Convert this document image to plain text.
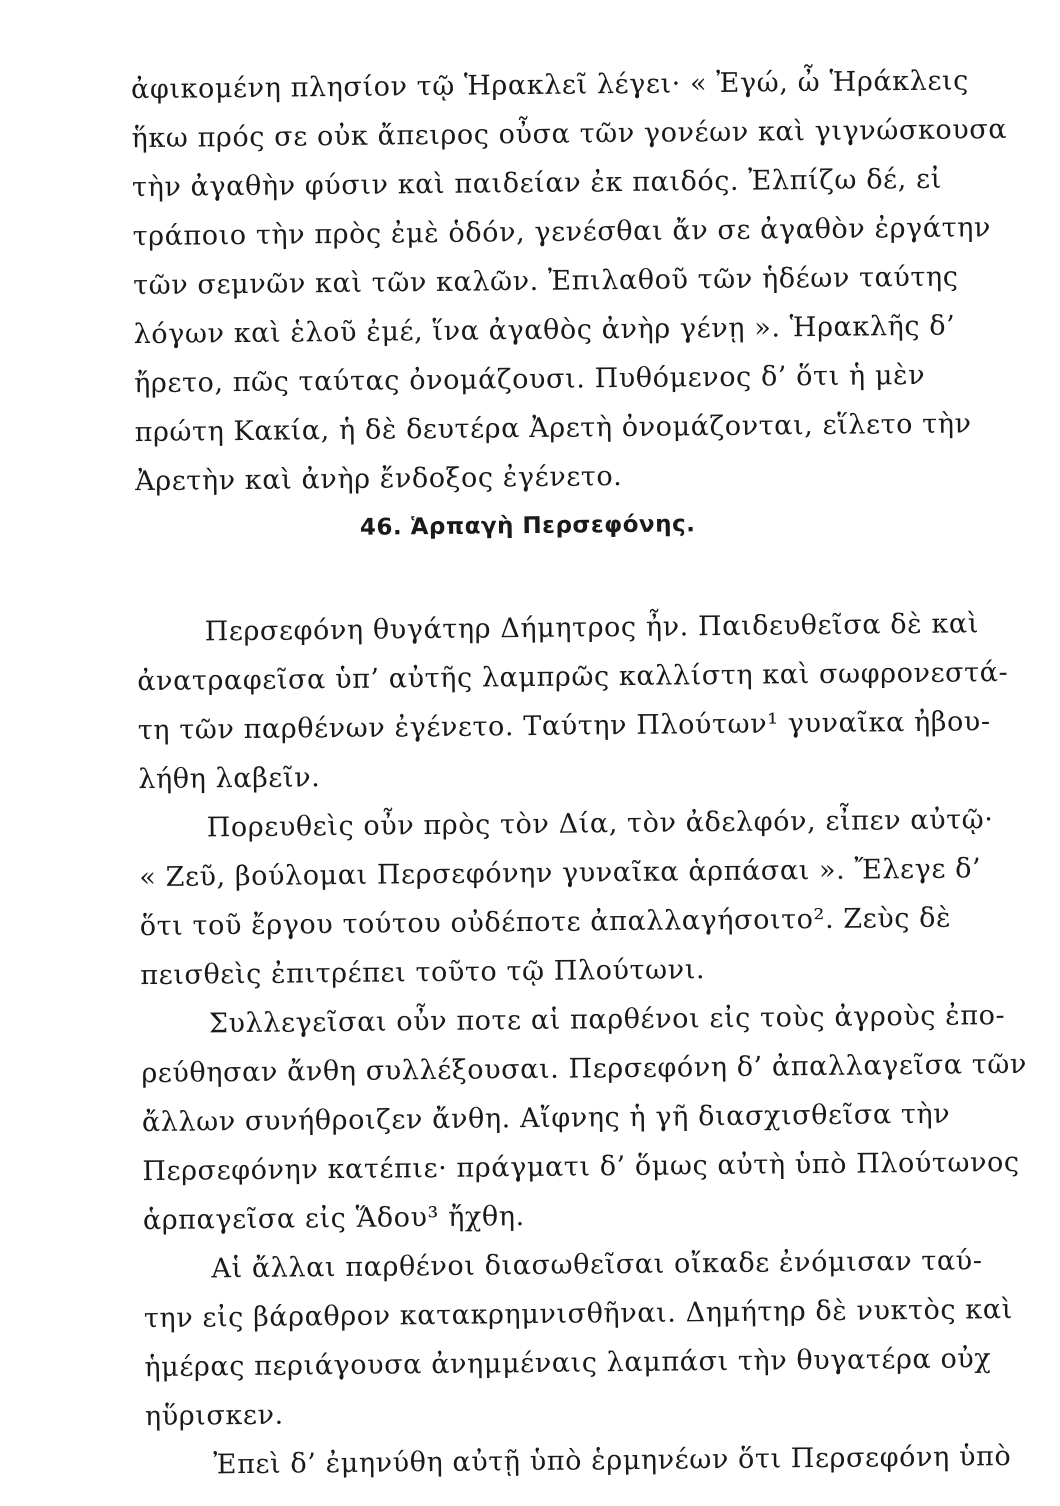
ἀφικομένη πλησίον τῷ Ἡρακλεῖ λέγει· « Ἐγώ, ὦ Ἡράκλεις
ἥκω πρός σε οὐκ ἄπειρος οὖσα τῶν γονέων καὶ γιγνώσκουσα
τὴν ἀγαθὴν φύσιν καὶ παιδείαν ἐκ παιδός. Ἐλπίζω δέ, εἰ
τράποιο τὴν πρὸς ἐμὲ ὁδόν, γενέσθαι ἄν σε ἀγαθὸν ἐργάτην
τῶν σεμνῶν καὶ τῶν καλῶν. Ἐπιλαθοῦ τῶν ἡδέων ταύτης
λόγων καὶ ἑλοῦ ἐμέ, ἵνα ἀγαθὸς ἀνὴρ γένῃ ». Ἡρακλῆς δ’
ἤρετο, πῶς ταύτας ὀνομάζουσι. Πυθόμενος δ’ ὅτι ἡ μὲν
πρώτη Κακία, ἡ δὲ δευτέρα Ἀρετὴ ὀνομάζονται, εἵλετο τὴν
Ἀρετὴν καὶ ἀνὴρ ἔνδοξος ἐγένετο.
46. Ἁρπαγὴ Περσεφόνης.
Περσεφόνη θυγάτηρ Δήμητρος ἦν. Παιδευθεῖσα δὲ καὶ
ἀνατραφεῖσα ὑπ’ αὐτῆς λαμπρῶς καλλίστη καὶ σωφρονεστά-
τη τῶν παρθένων ἐγένετο. Ταύτην Πλούτων¹ γυναῖκα ἠβου-
λήθη λαβεῖν.
Πορευθεὶς οὖν πρὸς τὸν Δία, τὸν ἀδελφόν, εἶπεν αὐτῷ·
« Ζεῦ, βούλομαι Περσεφόνην γυναῖκα ἁρπάσαι ». Ἔλεγε δ’
ὅτι τοῦ ἔργου τούτου οὐδέποτε ἀπαλλαγήσοιτο². Ζεὺς δὲ
πεισθεὶς ἐπιτρέπει τοῦτο τῷ Πλούτωνι.
Συλλεγεῖσαι οὖν ποτε αἱ παρθένοι εἰς τοὺς ἀγροὺς ἐπο-
ρεύθησαν ἄνθη συλλέξουσαι. Περσεφόνη δ’ ἀπαλλαγεῖσα τῶν
ἄλλων συνήθροιζεν ἄνθη. Αἴφνης ἡ γῆ διασχισθεῖσα τὴν
Περσεφόνην κατέπιε· πράγματι δ’ ὅμως αὐτὴ ὑπὸ Πλούτωνος
ἁρπαγεῖσα εἰς Ἅδου³ ἤχθη.
Αἱ ἄλλαι παρθένοι διασωθεῖσαι οἴκαδε ἐνόμισαν ταύ-
την εἰς βάραθρον κατακρημνισθῆναι. Δημήτηρ δὲ νυκτὸς καὶ
ἡμέρας περιάγουσα ἀνημμέναις λαμπάσι τὴν θυγατέρα οὐχ
ηὕρισκεν.
Ἐπεὶ δ’ ἐμηνύθη αὐτῇ ὑπὸ ἑρμηνέων ὅτι Περσεφόνη ὑπὸ
